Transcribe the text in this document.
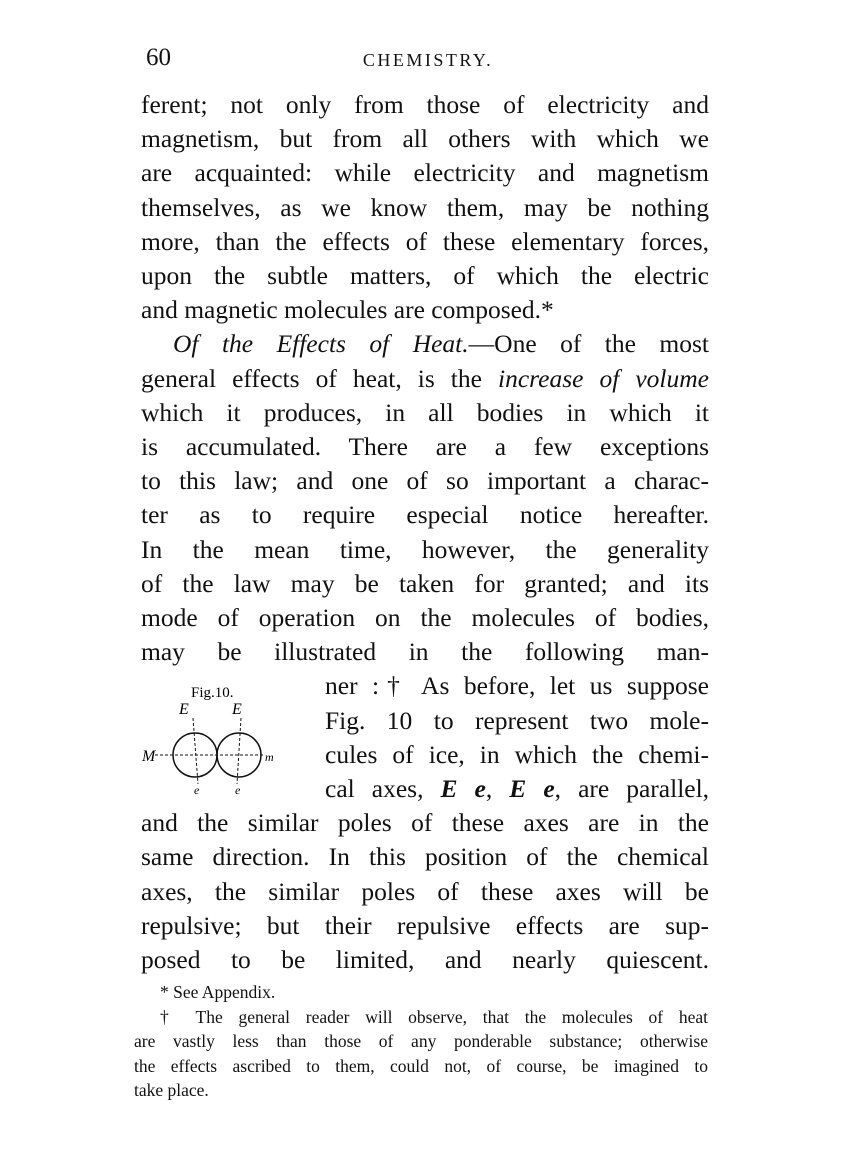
60	CHEMISTRY.
ferent; not only from those of electricity and
magnetism, but from all others with which we
are acquainted: while electricity and magnetism
themselves, as we know them, may be nothing
more, than the effects of these elementary forces,
upon the subtle matters, of which the electric
and magnetic molecules are composed.*
Of the Effects of Heat.—One of the most
general effects of heat, is the increase of volume
which it produces, in all bodies in which it
is accumulated. There are a few exceptions
to this law; and one of so important a charac-
ter as to require especial notice hereafter.
In the mean time, however, the generality
of the law may be taken for granted; and its
mode of operation on the molecules of bodies,
may be illustrated in the following man-
ner :† As before, let us suppose
Fig. 10 to represent two mole-
cules of ice, in which the chemi-
cal axes, E e, E e, are parallel,
and the similar poles of these axes are in the
same direction. In this position of the chemical
axes, the similar poles of these axes will be
repulsive; but their repulsive effects are sup-
posed to be limited, and nearly quiescent.
Fig.10.
E	E
M	m
e	e
* See Appendix.
† The general reader will observe, that the molecules of heat
are vastly less than those of any ponderable substance; otherwise
the effects ascribed to them, could not, of course, be imagined to
take place.
